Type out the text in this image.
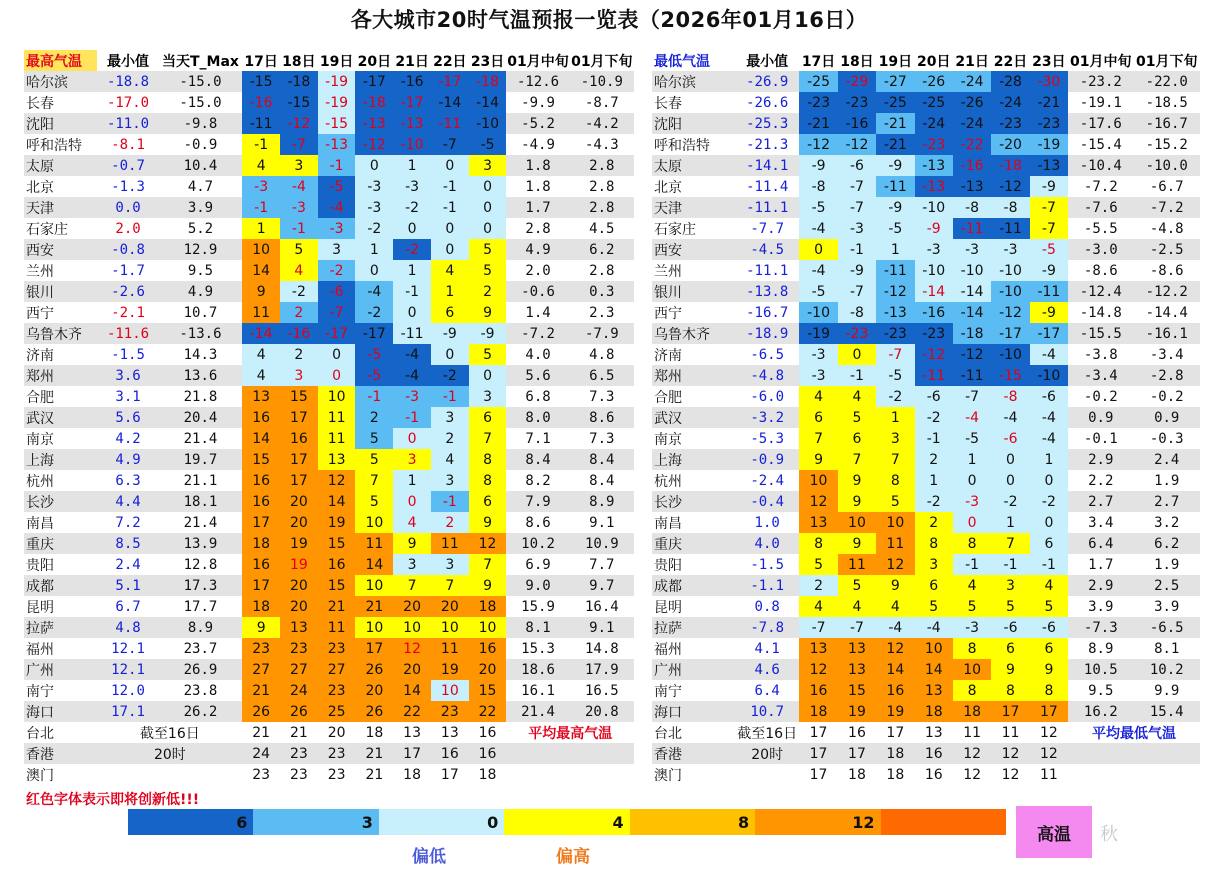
各大城市20时气温预报一览表（2026年01月16日）
最高气温	最小值	当天T_Max	17日	18日	19日	20日	21日	22日	23日	01月中旬	01月下旬
哈尔滨	-18.8	-15.0	-15	-18	-19	-17	-16	-17	-18	-12.6	-10.9
长春	-17.0	-15.0	-16	-15	-19	-18	-17	-14	-14	-9.9	-8.7
沈阳	-11.0	-9.8	-11	-12	-15	-13	-13	-11	-10	-5.2	-4.2
呼和浩特	-8.1	-0.9	-1	-7	-13	-12	-10	-7	-5	-4.9	-4.3
太原	-0.7	10.4	4	3	-1	0	1	0	3	1.8	2.8
北京	-1.3	4.7	-3	-4	-5	-3	-3	-1	0	1.8	2.8
天津	0.0	3.9	-1	-3	-4	-3	-2	-1	0	1.7	2.8
石家庄	2.0	5.2	1	-1	-3	-2	0	0	0	2.8	4.5
西安	-0.8	12.9	10	5	3	1	-2	0	5	4.9	6.2
兰州	-1.7	9.5	14	4	-2	0	1	4	5	2.0	2.8
银川	-2.6	4.9	9	-2	-6	-4	-1	1	2	-0.6	0.3
西宁	-2.1	10.7	11	2	-7	-2	0	6	9	1.4	2.3
乌鲁木齐	-11.6	-13.6	-14	-16	-17	-17	-11	-9	-9	-7.2	-7.9
济南	-1.5	14.3	4	2	0	-5	-4	0	5	4.0	4.8
郑州	3.6	13.6	4	3	0	-5	-4	-2	0	5.6	6.5
合肥	3.1	21.8	13	15	10	-1	-3	-1	3	6.8	7.3
武汉	5.6	20.4	16	17	11	2	-1	3	6	8.0	8.6
南京	4.2	21.4	14	16	11	5	0	2	7	7.1	7.3
上海	4.9	19.7	15	17	13	5	3	4	8	8.4	8.4
杭州	6.3	21.1	16	17	12	7	1	3	8	8.2	8.4
长沙	4.4	18.1	16	20	14	5	0	-1	6	7.9	8.9
南昌	7.2	21.4	17	20	19	10	4	2	9	8.6	9.1
重庆	8.5	13.9	18	19	15	11	9	11	12	10.2	10.9
贵阳	2.4	12.8	16	19	16	14	3	3	7	6.9	7.7
成都	5.1	17.3	17	20	15	10	7	7	9	9.0	9.7
昆明	6.7	17.7	18	20	21	21	20	20	18	15.9	16.4
拉萨	4.8	8.9	9	13	11	10	10	10	10	8.1	9.1
福州	12.1	23.7	23	23	23	17	12	11	16	15.3	14.8
广州	12.1	26.9	27	27	27	26	20	19	20	18.6	17.9
南宁	12.0	23.8	21	24	23	20	14	10	15	16.1	16.5
海口	17.1	26.2	26	26	25	26	22	23	22	21.4	20.8
台北	截至16日		21	21	20	18	13	13	16	平均最高气温	
香港	20时		24	23	23	21	17	16	16		
澳门			23	23	23	21	18	17	18		
最低气温	最小值	17日	18日	19日	20日	21日	22日	23日	01月中旬	01月下旬
哈尔滨	-26.9	-25	-29	-27	-26	-24	-28	-30	-23.2	-22.0
长春	-26.6	-23	-23	-25	-25	-26	-24	-21	-19.1	-18.5
沈阳	-25.3	-21	-16	-21	-24	-24	-23	-23	-17.6	-16.7
呼和浩特	-21.3	-12	-12	-21	-23	-22	-20	-19	-15.4	-15.2
太原	-14.1	-9	-6	-9	-13	-16	-18	-13	-10.4	-10.0
北京	-11.4	-8	-7	-11	-13	-13	-12	-9	-7.2	-6.7
天津	-11.1	-5	-7	-9	-10	-8	-8	-7	-7.6	-7.2
石家庄	-7.7	-4	-3	-5	-9	-11	-11	-7	-5.5	-4.8
西安	-4.5	0	-1	1	-3	-3	-3	-5	-3.0	-2.5
兰州	-11.1	-4	-9	-11	-10	-10	-10	-9	-8.6	-8.6
银川	-13.8	-5	-7	-12	-14	-14	-10	-11	-12.4	-12.2
西宁	-16.7	-10	-8	-13	-16	-14	-12	-9	-14.8	-14.4
乌鲁木齐	-18.9	-19	-23	-23	-23	-18	-17	-17	-15.5	-16.1
济南	-6.5	-3	0	-7	-12	-12	-10	-4	-3.8	-3.4
郑州	-4.8	-3	-1	-5	-11	-11	-15	-10	-3.4	-2.8
合肥	-6.0	4	4	-2	-6	-7	-8	-6	-0.2	-0.2
武汉	-3.2	6	5	1	-2	-4	-4	-4	0.9	0.9
南京	-5.3	7	6	3	-1	-5	-6	-4	-0.1	-0.3
上海	-0.9	9	7	7	2	1	0	1	2.9	2.4
杭州	-2.4	10	9	8	1	0	0	0	2.2	1.9
长沙	-0.4	12	9	5	-2	-3	-2	-2	2.7	2.7
南昌	1.0	13	10	10	2	0	1	0	3.4	3.2
重庆	4.0	8	9	11	8	8	7	6	6.4	6.2
贵阳	-1.5	5	11	12	3	-1	-1	-1	1.7	1.9
成都	-1.1	2	5	9	6	4	3	4	2.9	2.5
昆明	0.8	4	4	4	5	5	5	5	3.9	3.9
拉萨	-7.8	-7	-7	-4	-4	-3	-6	-6	-7.3	-6.5
福州	4.1	13	13	12	10	8	6	6	8.9	8.1
广州	4.6	12	13	14	14	10	9	9	10.5	10.2
南宁	6.4	16	15	16	13	8	8	8	9.5	9.9
海口	10.7	18	19	19	18	18	17	17	16.2	15.4
台北	截至16日	17	16	17	13	11	11	12	平均最低气温	
香港	20时	17	17	18	16	12	12	12		
澳门		17	18	18	16	12	12	11		
红色字体表示即将创新低!!!
6	3	0	4	8	12
高温
偏低	偏高
秋
